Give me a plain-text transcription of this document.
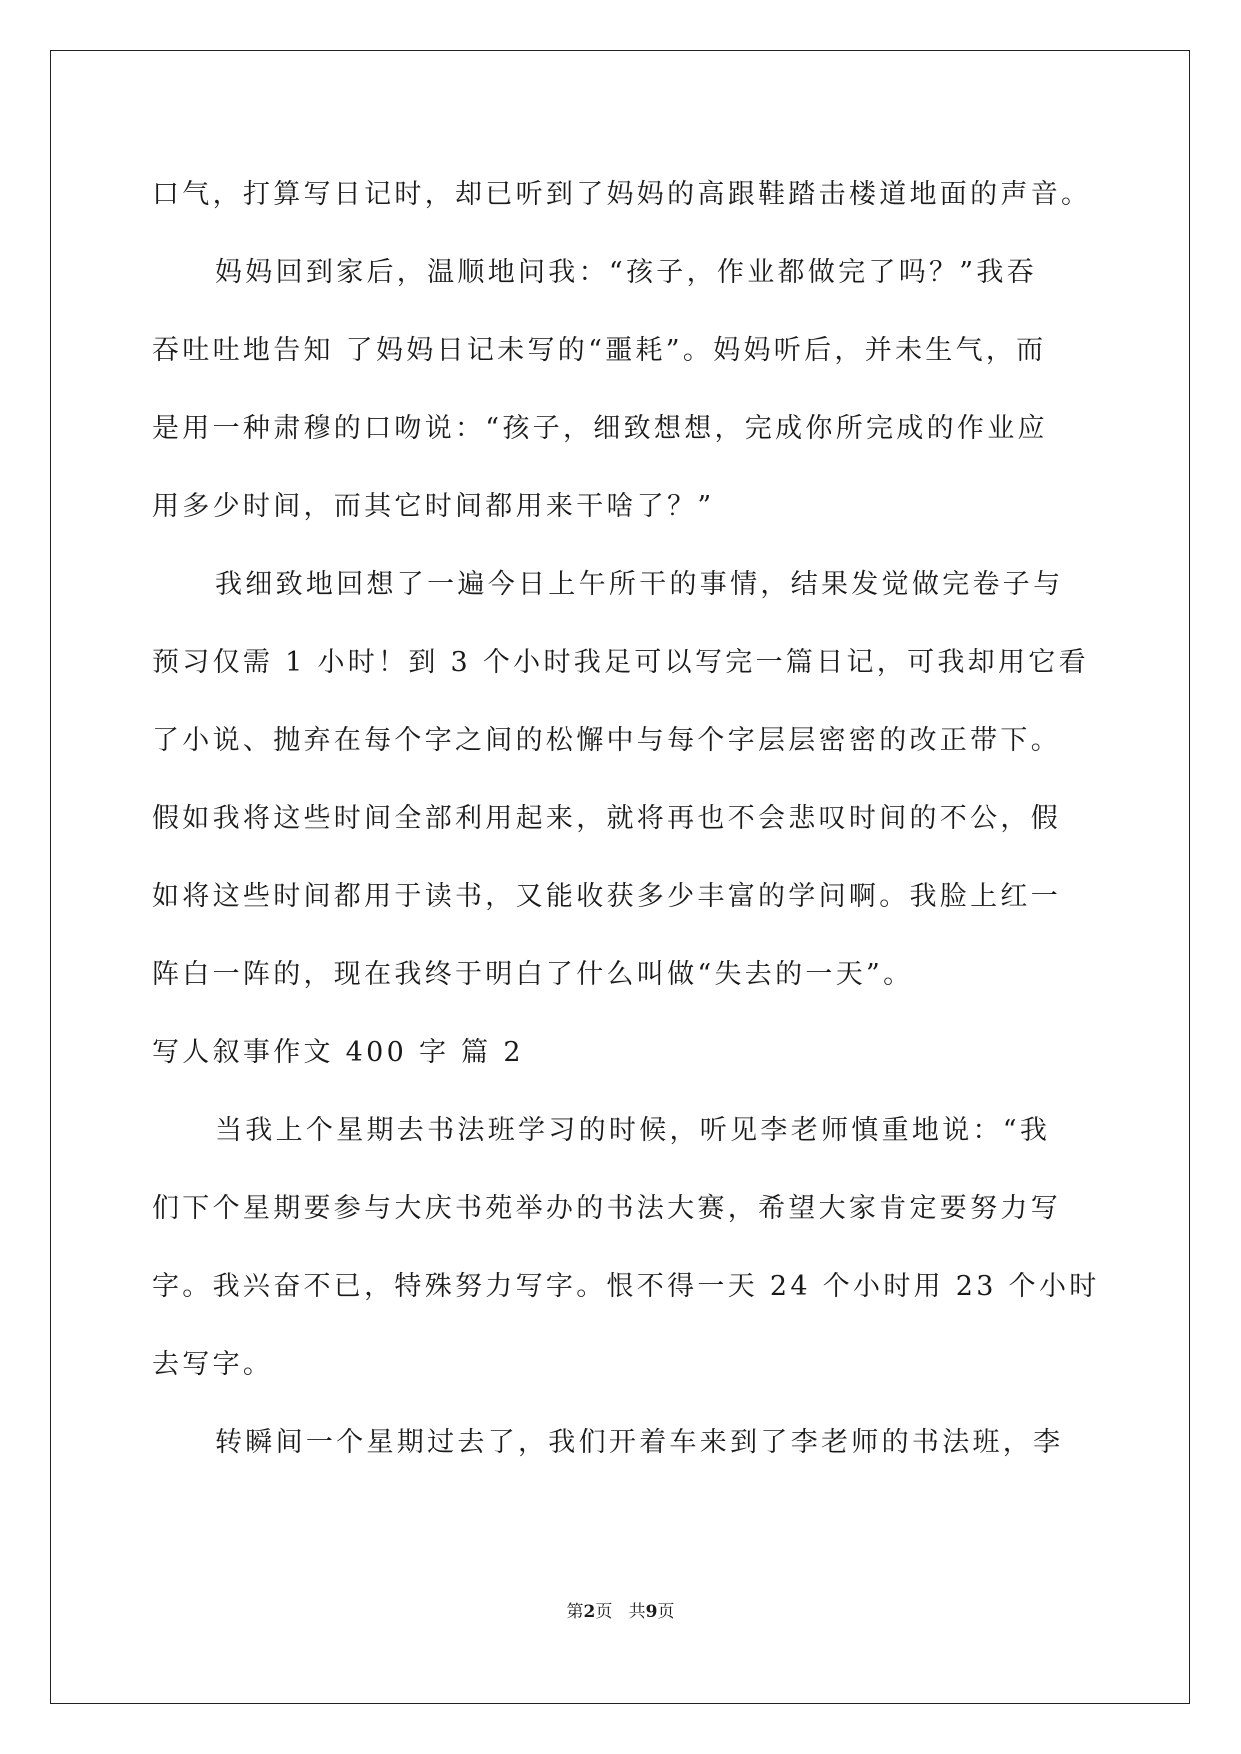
口气，打算写日记时，却已听到了妈妈的高跟鞋踏击楼道地面的声音。
妈妈回到家后，温顺地问我：“孩子，作业都做完了吗？”我吞
吞吐吐地告知 了妈妈日记未写的“噩耗”。妈妈听后，并未生气，而
是用一种肃穆的口吻说：“孩子，细致想想，完成你所完成的作业应
用多少时间，而其它时间都用来干啥了？”
我细致地回想了一遍今日上午所干的事情，结果发觉做完卷子与
预习仅需 1 小时！到 3 个小时我足可以写完一篇日记，可我却用它看
了小说、抛弃在每个字之间的松懈中与每个字层层密密的改正带下。
假如我将这些时间全部利用起来，就将再也不会悲叹时间的不公，假
如将这些时间都用于读书，又能收获多少丰富的学问啊。我脸上红一
阵白一阵的，现在我终于明白了什么叫做“失去的一天”。
写人叙事作文 400 字 篇 2
当我上个星期去书法班学习的时候，听见李老师慎重地说：“我
们下个星期要参与大庆书苑举办的书法大赛，希望大家肯定要努力写
字。我兴奋不已，特殊努力写字。恨不得一天 24 个小时用 23 个小时
去写字。
转瞬间一个星期过去了，我们开着车来到了李老师的书法班，李
第2页 共9页
